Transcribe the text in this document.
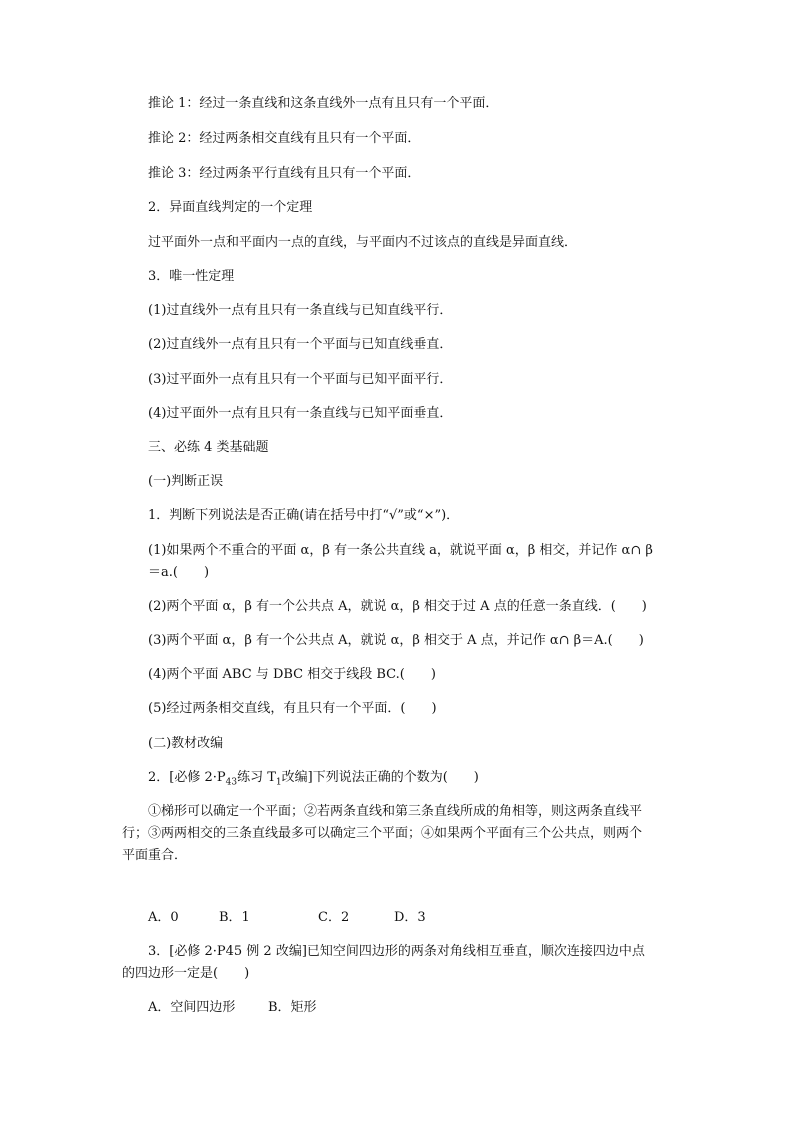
推论 1：经过一条直线和这条直线外一点有且只有一个平面．
推论 2：经过两条相交直线有且只有一个平面．
推论 3：经过两条平行直线有且只有一个平面．
2．异面直线判定的一个定理
过平面外一点和平面内一点的直线，与平面内不过该点的直线是异面直线．
3．唯一性定理
(1)过直线外一点有且只有一条直线与已知直线平行．
(2)过直线外一点有且只有一个平面与已知直线垂直．
(3)过平面外一点有且只有一个平面与已知平面平行．
(4)过平面外一点有且只有一条直线与已知平面垂直．
三、必练 4 类基础题
(一)判断正误
1．判断下列说法是否正确(请在括号中打“√”或“×”)．
(1)如果两个不重合的平面 α，β 有一条公共直线 a，就说平面 α，β 相交，并记作 α∩ β
＝a.(　　)
(2)两个平面 α，β 有一个公共点 A，就说 α，β 相交于过 A 点的任意一条直线．(　　)
(3)两个平面 α，β 有一个公共点 A，就说 α，β 相交于 A 点，并记作 α∩ β＝A.(　　)
(4)两个平面 ABC 与 DBC 相交于线段 BC.(　　)
(5)经过两条相交直线，有且只有一个平面．(　　)
(二)教材改编
2．[必修 $2\cdot P_{43}$练习 $T_1$改编]下列说法正确的个数为(　　)
①梯形可以确定一个平面；②若两条直线和第三条直线所成的角相等，则这两条直线平
行；③两两相交的三条直线最多可以确定三个平面；④如果两个平面有三个公共点，则两个
平面重合．
A．0	B．1	C．2	D．3
3．[必修 2·P45 例 2 改编]已知空间四边形的两条对角线相互垂直，顺次连接四边中点
的四边形一定是(　　)
A．空间四边形	B．矩形
